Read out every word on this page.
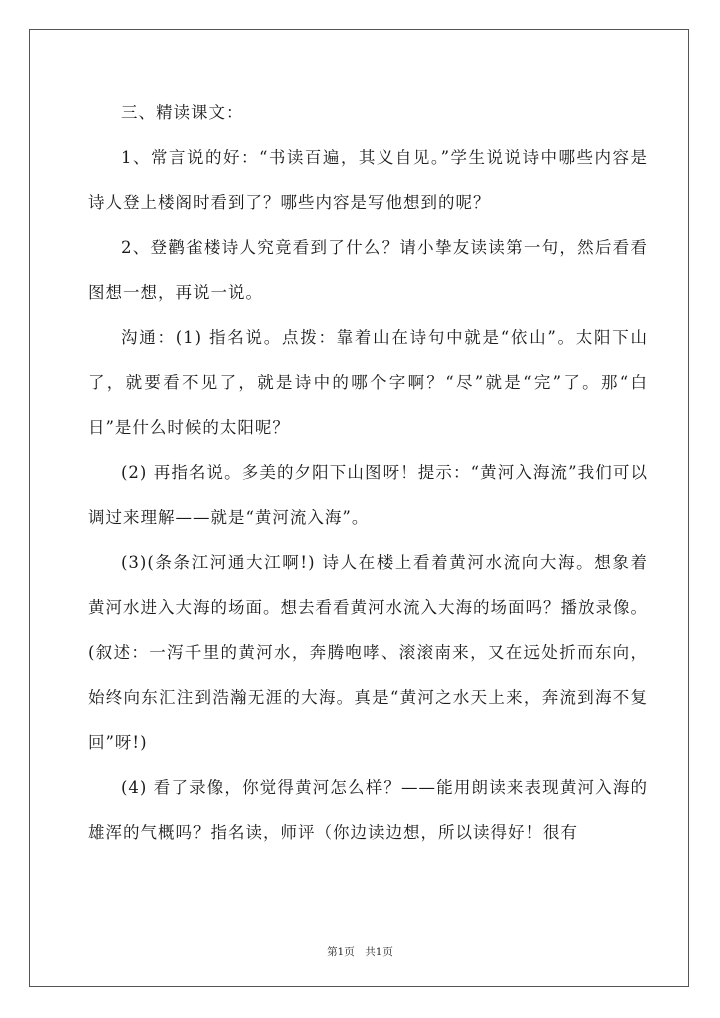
三、精读课文：

1、常言说的好：“书读百遍，其义自见。”学生说说诗中哪些内容是诗人登上楼阁时看到了？哪些内容是写他想到的呢？

2、登鹳雀楼诗人究竟看到了什么？请小挚友读读第一句，然后看看图想一想，再说一说。

沟通：(1) 指名说。点拨：靠着山在诗句中就是“依山”。太阳下山了，就要看不见了，就是诗中的哪个字啊？“尽”就是“完”了。那“白日”是什么时候的太阳呢？

(2) 再指名说。多美的夕阳下山图呀！提示：“黄河入海流”我们可以调过来理解——就是“黄河流入海”。

(3)(条条江河通大江啊!) 诗人在楼上看着黄河水流向大海。想象着黄河水进入大海的场面。想去看看黄河水流入大海的场面吗？播放录像。(叙述：一泻千里的黄河水，奔腾咆哮、滚滚南来，又在远处折而东向，始终向东汇注到浩瀚无涯的大海。真是“黄河之水天上来，奔流到海不复回”呀!)

(4) 看了录像，你觉得黄河怎么样？——能用朗读来表现黄河入海的雄浑的气概吗？指名读，师评（你边读边想，所以读得好！很有

第1页　共1页
